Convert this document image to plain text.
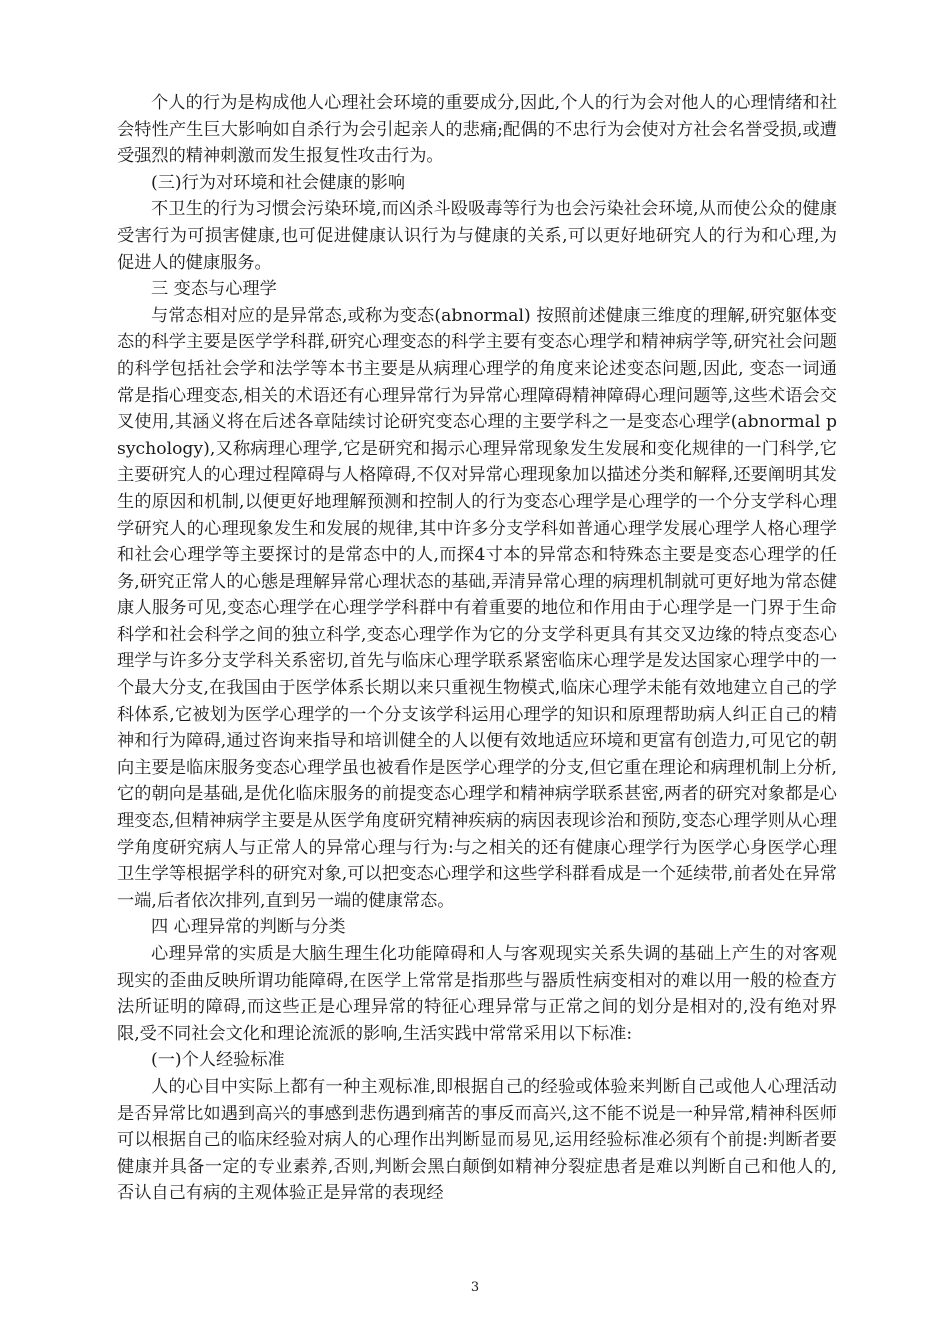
个人的行为是构成他人心理社会环境的重要成分,因此,个人的行为会对他人的心理情绪和社会特性产生巨大影响如自杀行为会引起亲人的悲痛;配偶的不忠行为会使对方社会名誉受损,或遭受强烈的精神刺激而发生报复性攻击行为。

(三)行为对环境和社会健康的影响

不卫生的行为习惯会污染环境,而凶杀斗殴吸毒等行为也会污染社会环境,从而使公众的健康受害行为可损害健康,也可促进健康认识行为与健康的关系,可以更好地研究人的行为和心理,为促进人的健康服务。

三 变态与心理学

与常态相对应的是异常态,或称为变态(abnormal) 按照前述健康三维度的理解,研究躯体变态的科学主要是医学学科群,研究心理变态的科学主要有变态心理学和精神病学等,研究社会问题的科学包括社会学和法学等本书主要是从病理心理学的角度来论述变态问题,因此, 变态一词通常是指心理变态,相关的术语还有心理异常行为异常心理障碍精神障碍心理问题等,这些术语会交叉使用,其涵义将在后述各章陆续讨论研究变态心理的主要学科之一是变态心理学(abnormal psychology),又称病理心理学,它是研究和揭示心理异常现象发生发展和变化规律的一门科学,它主要研究人的心理过程障碍与人格障碍,不仅对异常心理现象加以描述分类和解释,还要阐明其发生的原因和机制,以便更好地理解预测和控制人的行为变态心理学是心理学的一个分支学科心理学研究人的心理现象发生和发展的规律,其中许多分支学科如普通心理学发展心理学人格心理学和社会心理学等主要探讨的是常态中的人,而探4寸本的异常态和特殊态主要是变态心理学的任务,研究正常人的心態是理解异常心理状态的基础,弄清异常心理的病理机制就可更好地为常态健康人服务可见,变态心理学在心理学学科群中有着重要的地位和作用由于心理学是一门界于生命科学和社会科学之间的独立科学,变态心理学作为它的分支学科更具有其交叉边缘的特点变态心理学与许多分支学科关系密切,首先与临床心理学联系紧密临床心理学是发达国家心理学中的一个最大分支,在我国由于医学体系长期以来只重视生物模式,临床心理学未能有效地建立自己的学科体系,它被划为医学心理学的一个分支该学科运用心理学的知识和原理帮助病人纠正自己的精神和行为障碍,通过咨询来指导和培训健全的人以便有效地适应环境和更富有创造力,可见它的朝向主要是临床服务变态心理学虽也被看作是医学心理学的分支,但它重在理论和病理机制上分析,它的朝向是基础,是优化临床服务的前提变态心理学和精神病学联系甚密,两者的研究对象都是心理变态,但精神病学主要是从医学角度研究精神疾病的病因表现诊治和预防,变态心理学则从心理学角度研究病人与正常人的异常心理与行为:与之相关的还有健康心理学行为医学心身医学心理卫生学等根据学科的研究对象,可以把变态心理学和这些学科群看成是一个延续带,前者处在异常一端,后者依次排列,直到另一端的健康常态。

四 心理异常的判断与分类

心理异常的实质是大脑生理生化功能障碍和人与客观现实关系失调的基础上产生的对客观现实的歪曲反映所谓功能障碍,在医学上常常是指那些与器质性病变相对的难以用一般的检查方法所证明的障碍,而这些正是心理异常的特征心理异常与正常之间的划分是相对的,没有绝对界限,受不同社会文化和理论流派的影响,生活实践中常常采用以下标准:

(一)个人经验标准

人的心目中实际上都有一种主观标准,即根据自己的经验或体验来判断自己或他人心理活动是否异常比如遇到高兴的事感到悲伤遇到痛苦的事反而高兴,这不能不说是一种异常,精神科医师可以根据自己的临床经验对病人的心理作出判断显而易见,运用经验标准必须有个前提:判断者要健康并具备一定的专业素养,否则,判断会黑白颠倒如精神分裂症患者是难以判断自己和他人的, 否认自己有病的主观体验正是异常的表现经

3
